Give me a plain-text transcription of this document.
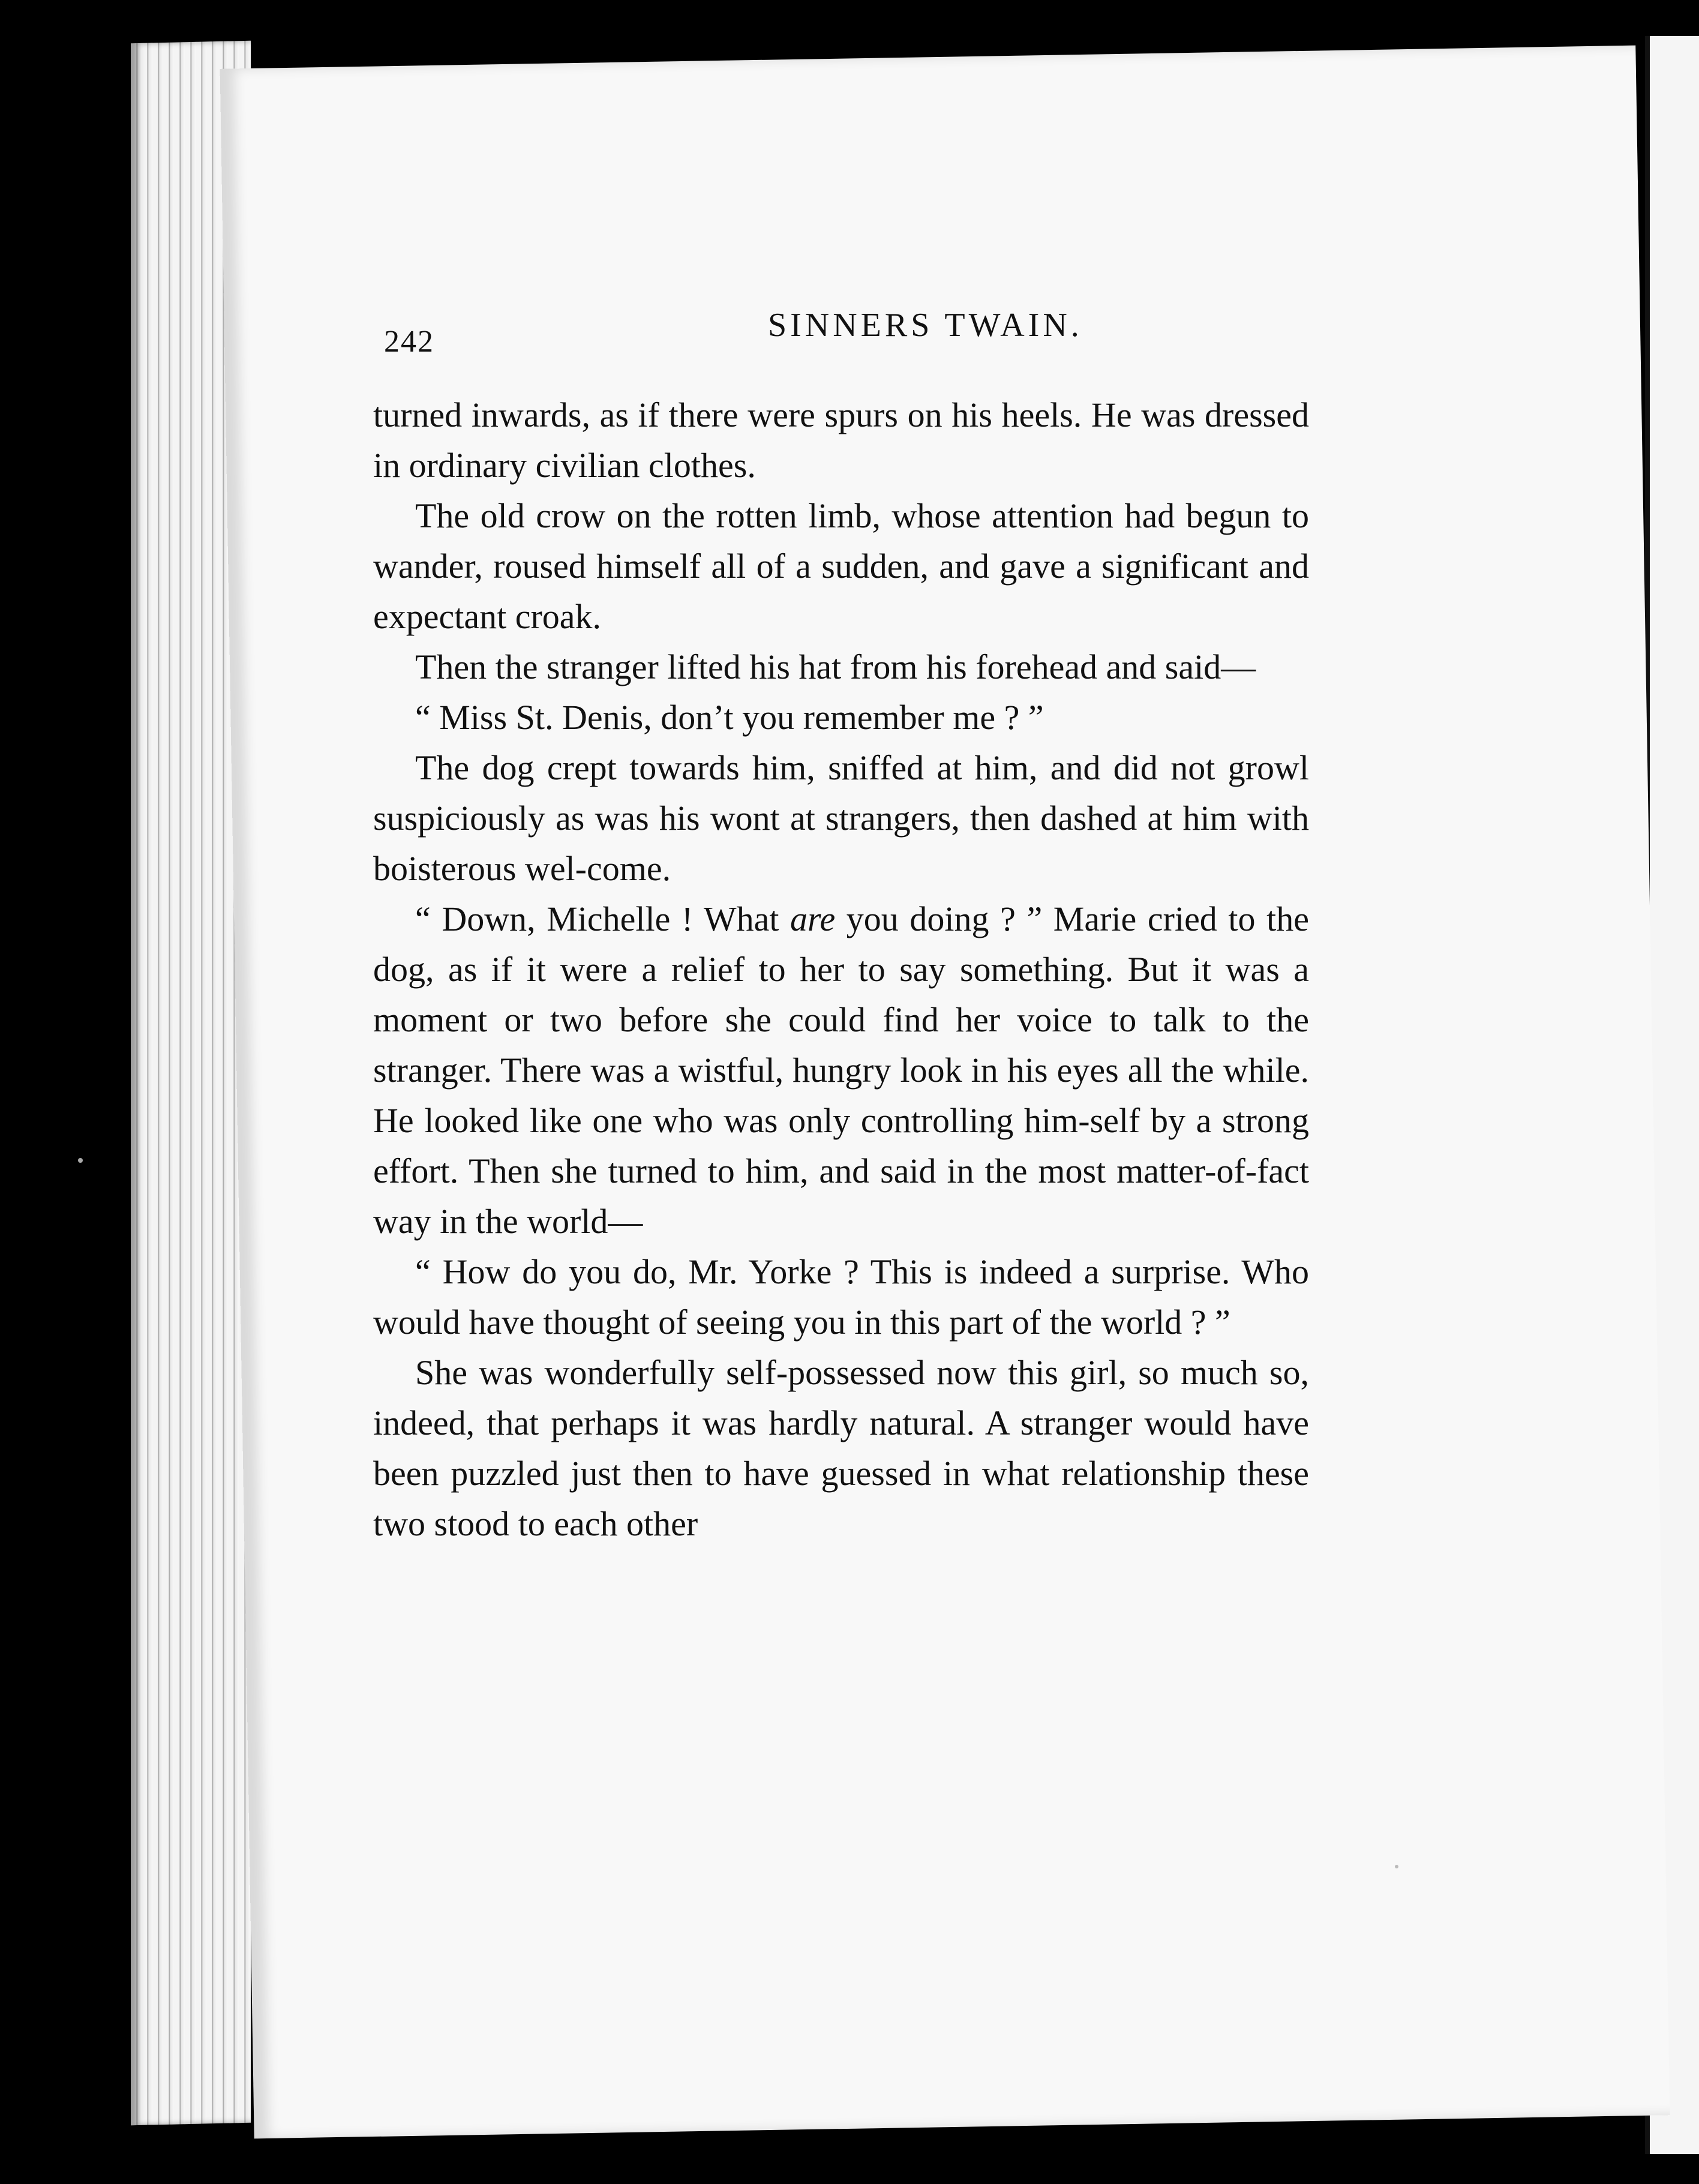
242	SINNERS TWAIN.

turned inwards, as if there were spurs on his heels. He was dressed in ordinary civilian clothes.

The old crow on the rotten limb, whose attention had begun to wander, roused himself all of a sudden, and gave a significant and expectant croak.

Then the stranger lifted his hat from his forehead and said—

“ Miss St. Denis, don’t you remember me ? ”

The dog crept towards him, sniffed at him, and did not growl suspiciously as was his wont at strangers, then dashed at him with boisterous wel-come.

“ Down, Michelle ! What are you doing ? ” Marie cried to the dog, as if it were a relief to her to say something. But it was a moment or two before she could find her voice to talk to the stranger. There was a wistful, hungry look in his eyes all the while. He looked like one who was only controlling him-self by a strong effort. Then she turned to him, and said in the most matter-of-fact way in the world—

“ How do you do, Mr. Yorke ? This is indeed a surprise. Who would have thought of seeing you in this part of the world ? ”

She was wonderfully self-possessed now this girl, so much so, indeed, that perhaps it was hardly natural. A stranger would have been puzzled just then to have guessed in what relationship these two stood to each other
